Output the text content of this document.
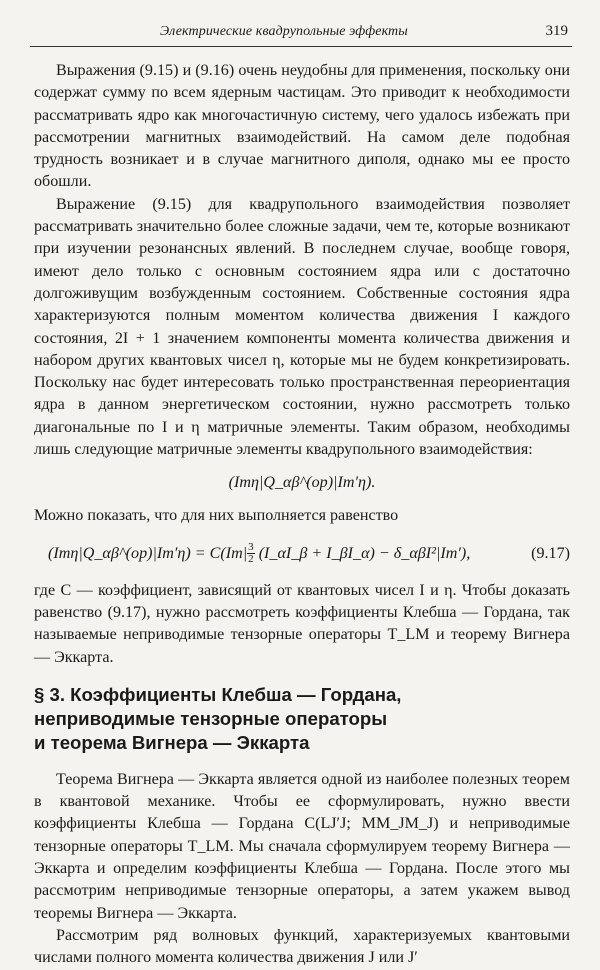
Электрические квадрупольные эффекты	319

Выражения (9.15) и (9.16) очень неудобны для применения, поскольку они содержат сумму по всем ядерным частицам. Это приводит к необходимости рассматривать ядро как многочастичную систему, чего удалось избежать при рассмотрении магнитных взаимодействий. На самом деле подобная трудность возникает и в случае магнитного диполя, однако мы ее просто обошли.

Выражение (9.15) для квадрупольного взаимодействия позволяет рассматривать значительно более сложные задачи, чем те, которые возникают при изучении резонансных явлений. В последнем случае, вообще говоря, имеют дело только с основным состоянием ядра или с достаточно долгоживущим возбужденным состоянием. Собственные состояния ядра характеризуются полным моментом количества движения I каждого состояния, 2I + 1 значением компоненты момента количества движения и набором других квантовых чисел η, которые мы не будем конкретизировать. Поскольку нас будет интересовать только пространственная переориентация ядра в данном энергетическом состоянии, нужно рассмотреть только диагональные по I и η матричные элементы. Таким образом, необходимы лишь следующие матричные элементы квадрупольного взаимодействия:

(Imη|Q_αβ^(op)|Im′η).

Можно показать, что для них выполняется равенство

(Imη|Q_αβ^(op)|Im′η) = $C(Im| \frac{3}{2}$ (I_αI_β + I_βI_α) − δ_αβI²|Im′),	(9.17)

где C — коэффициент, зависящий от квантовых чисел I и η. Чтобы доказать равенство (9.17), нужно рассмотреть коэффициенты Клебша — Гордана, так называемые неприводимые тензорные операторы T_LM и теорему Вигнера — Эккарта.

§ 3. Коэффициенты Клебша — Гордана,
неприводимые тензорные операторы
и теорема Вигнера — Эккарта

Теорема Вигнера — Эккарта является одной из наиболее полезных теорем в квантовой механике. Чтобы ее сформулировать, нужно ввести коэффициенты Клебша — Гордана C(LJ′J; MM_JM_J) и неприводимые тензорные операторы T_LM. Мы сначала сформулируем теорему Вигнера — Эккарта и определим коэффициенты Клебша — Гордана. После этого мы рассмотрим неприводимые тензорные операторы, а затем укажем вывод теоремы Вигнера — Эккарта.

Рассмотрим ряд волновых функций, характеризуемых квантовыми числами полного момента количества движения J или J′
